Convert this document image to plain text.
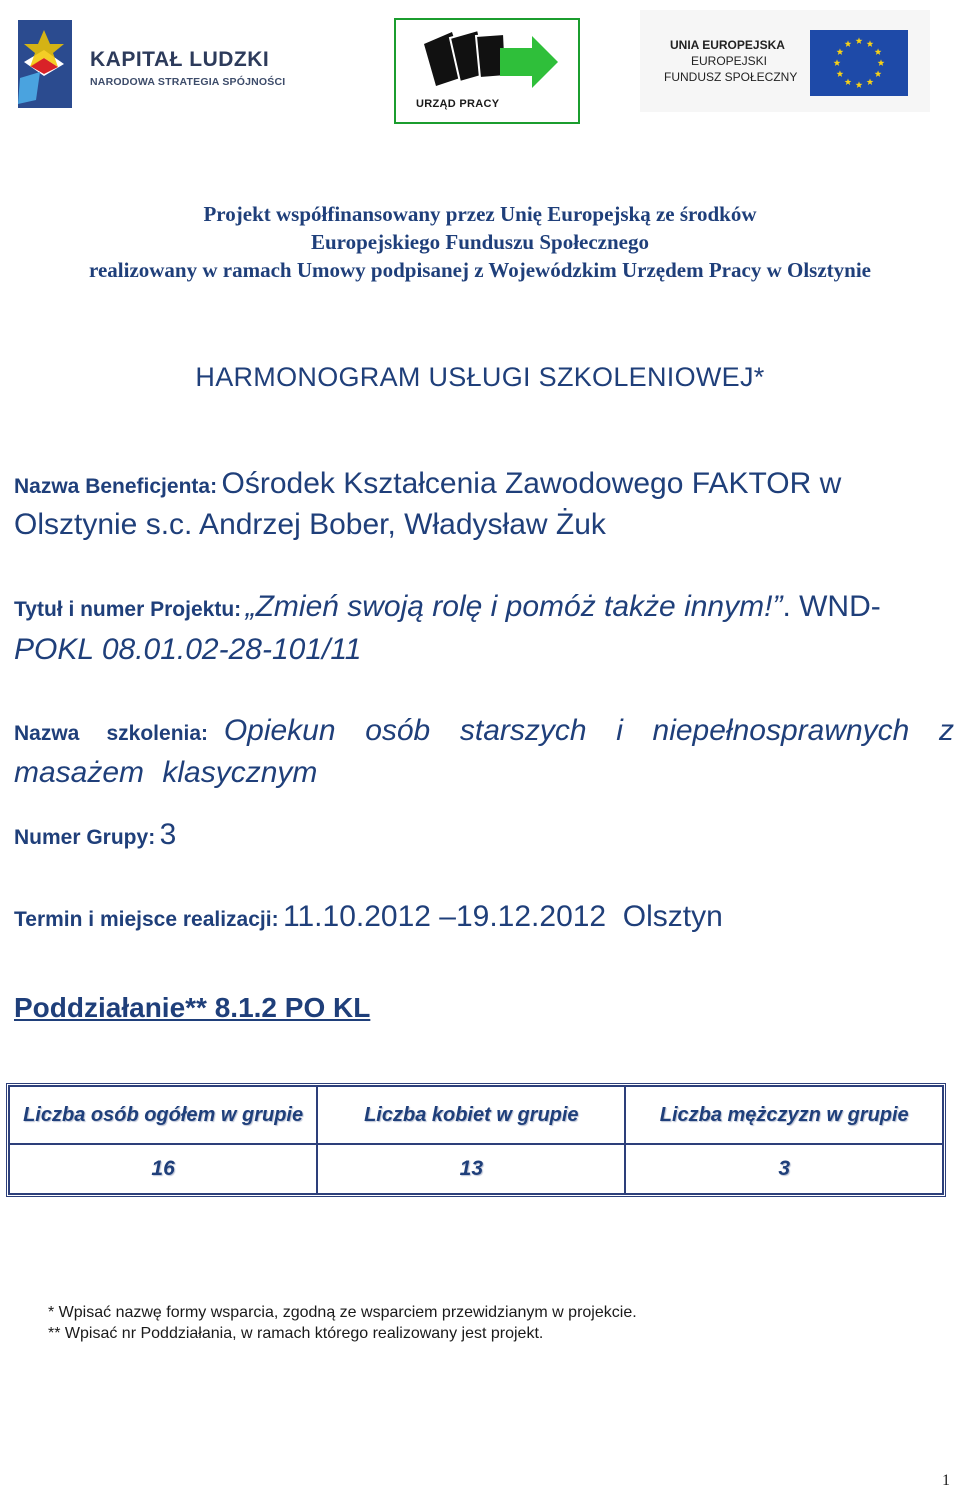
KAPITAŁ LUDZKI
NARODOWA STRATEGIA SPÓJNOŚCI
URZĄD PRACY
UNIA EUROPEJSKA
EUROPEJSKI
FUNDUSZ SPOŁECZNY
Projekt współfinansowany przez Unię Europejską ze środków
Europejskiego Funduszu Społecznego
realizowany w ramach Umowy podpisanej z Wojewódzkim Urzędem Pracy w Olsztynie
HARMONOGRAM USŁUGI SZKOLENIOWEJ*
Nazwa Beneficjenta: Ośrodek Kształcenia Zawodowego FAKTOR w Olsztynie s.c. Andrzej Bober, Władysław Żuk
Tytuł i numer Projektu: „Zmień swoją rolę i pomóż także innym!”. WND-POKL 08.01.02-28-101/11
Nazwa szkolenia: Opiekun osób starszych i niepełnosprawnych z masażem klasycznym
Numer Grupy: 3
Termin i miejsce realizacji: 11.10.2012 –19.12.2012  Olsztyn
Poddziałanie** 8.1.2 PO KL
Liczba osób ogółem w grupie	Liczba kobiet w grupie	Liczba mężczyzn w grupie
16	13	3
* Wpisać nazwę formy wsparcia, zgodną ze wsparciem przewidzianym w projekcie.
** Wpisać nr Poddziałania, w ramach którego realizowany jest projekt.
1
